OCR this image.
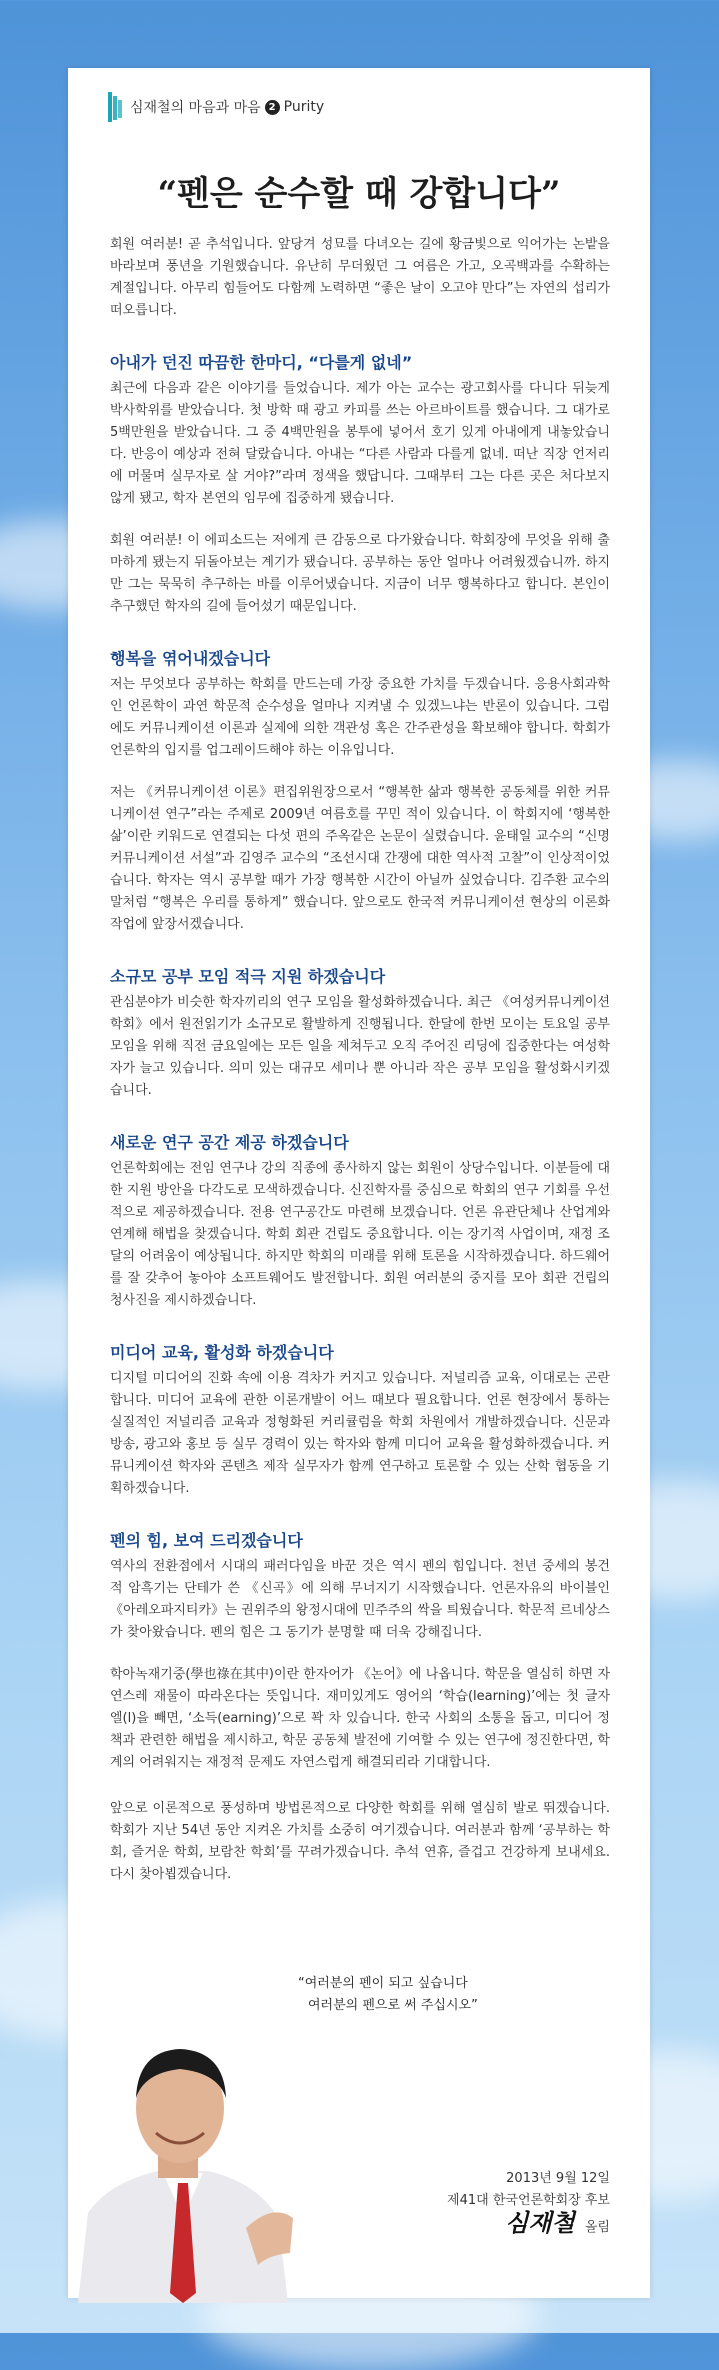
심재철의 마음과 마음 2 Purity
“펜은 순수할 때 강합니다”

회원 여러분! 곧 추석입니다. 앞당겨 성묘를 다녀오는 길에 황금빛으로 익어가는 논밭을 바라보며 풍년을 기원했습니다. 유난히 무더웠던 그 여름은 가고, 오곡백과를 수확하는 계절입니다. 아무리 힘들어도 다함께 노력하면 “좋은 날이 오고야 만다”는 자연의 섭리가 떠오릅니다.

아내가 던진 따끔한 한마디, “다를게 없네”

최근에 다음과 같은 이야기를 들었습니다. 제가 아는 교수는 광고회사를 다니다 뒤늦게 박사학위를 받았습니다. 첫 방학 때 광고 카피를 쓰는 아르바이트를 했습니다. 그 대가로 5백만원을 받았습니다. 그 중 4백만원을 봉투에 넣어서 호기 있게 아내에게 내놓았습니다. 반응이 예상과 전혀 달랐습니다. 아내는 “다른 사람과 다를게 없네. 떠난 직장 언저리에 머물며 실무자로 살 거야?”라며 정색을 했답니다. 그때부터 그는 다른 곳은 처다보지 않게 됐고, 학자 본연의 임무에 집중하게 됐습니다.

회원 여러분! 이 에피소드는 저에게 큰 감동으로 다가왔습니다. 학회장에 무엇을 위해 출마하게 됐는지 뒤돌아보는 계기가 됐습니다. 공부하는 동안 얼마나 어려웠겠습니까. 하지만 그는 묵묵히 추구하는 바를 이루어냈습니다. 지금이 너무 행복하다고 합니다. 본인이 추구했던 학자의 길에 들어섰기 때문입니다.

행복을 엮어내겠습니다

저는 무엇보다 공부하는 학회를 만드는데 가장 중요한 가치를 두겠습니다. 응용사회과학인 언론학이 과연 학문적 순수성을 얼마나 지켜낼 수 있겠느냐는 반론이 있습니다. 그럼에도 커뮤니케이션 이론과 실제에 의한 객관성 혹은 간주관성을 확보해야 합니다. 학회가 언론학의 입지를 업그레이드해야 하는 이유입니다.

저는 《커뮤니케이션 이론》편집위원장으로서 “행복한 삶과 행복한 공동체를 위한 커뮤니케이션 연구”라는 주제로 2009년 여름호를 꾸민 적이 있습니다. 이 학회지에 ‘행복한 삶’이란 키워드로 연결되는 다섯 편의 주옥같은 논문이 실렸습니다. 윤태일 교수의 “신명 커뮤니케이션 서설”과 김영주 교수의 “조선시대 간쟁에 대한 역사적 고찰”이 인상적이었습니다. 학자는 역시 공부할 때가 가장 행복한 시간이 아닐까 싶었습니다. 김주환 교수의 말처럼 “행복은 우리를 통하게” 했습니다. 앞으로도 한국적 커뮤니케이션 현상의 이론화 작업에 앞장서겠습니다.

소규모 공부 모임 적극 지원 하겠습니다

관심분야가 비슷한 학자끼리의 연구 모임을 활성화하겠습니다. 최근 《여성커뮤니케이션 학회》에서 원전읽기가 소규모로 활발하게 진행됩니다. 한달에 한번 모이는 토요일 공부 모임을 위해 직전 금요일에는 모든 일을 제쳐두고 오직 주어진 리딩에 집중한다는 여성학자가 늘고 있습니다. 의미 있는 대규모 세미나 뿐 아니라 작은 공부 모임을 활성화시키겠습니다.

새로운 연구 공간 제공 하겠습니다

언론학회에는 전임 연구나 강의 직종에 종사하지 않는 회원이 상당수입니다. 이분들에 대한 지원 방안을 다각도로 모색하겠습니다. 신진학자를 중심으로 학회의 연구 기회를 우선적으로 제공하겠습니다. 전용 연구공간도 마련해 보겠습니다. 언론 유관단체나 산업계와 연계해 해법을 찾겠습니다. 학회 회관 건립도 중요합니다. 이는 장기적 사업이며, 재정 조달의 어려움이 예상됩니다. 하지만 학회의 미래를 위해 토론을 시작하겠습니다. 하드웨어를 잘 갖추어 놓아야 소프트웨어도 발전합니다. 회원 여러분의 중지를 모아 회관 건립의 청사진을 제시하겠습니다.

미디어 교육, 활성화 하겠습니다

디지털 미디어의 진화 속에 이용 격차가 커지고 있습니다. 저널리즘 교육, 이대로는 곤란합니다. 미디어 교육에 관한 이론개발이 어느 때보다 필요합니다. 언론 현장에서 통하는 실질적인 저널리즘 교육과 정형화된 커리큘럼을 학회 차원에서 개발하겠습니다. 신문과 방송, 광고와 홍보 등 실무 경력이 있는 학자와 함께 미디어 교육을 활성화하겠습니다. 커뮤니케이션 학자와 콘텐츠 제작 실무자가 함께 연구하고 토론할 수 있는 산학 협동을 기획하겠습니다.

펜의 힘, 보여 드리겠습니다

역사의 전환점에서 시대의 패러다임을 바꾼 것은 역시 펜의 힘입니다. 천년 중세의 봉건적 암흑기는 단테가 쓴 《신곡》에 의해 무너지기 시작했습니다. 언론자유의 바이블인 《아레오파지티카》는 권위주의 왕정시대에 민주주의 싹을 틔웠습니다. 학문적 르네상스가 찾아왔습니다. 펜의 힘은 그 동기가 분명할 때 더욱 강해집니다.

학아녹재기중(學也祿在其中)이란 한자어가 《논어》에 나옵니다. 학문을 열심히 하면 자연스레 재물이 따라온다는 뜻입니다. 재미있게도 영어의 ‘학습(learning)’에는 첫 글자 엘(l)을 빼면, ‘소득(earning)’으로 꽉 차 있습니다. 한국 사회의 소통을 돕고, 미디어 정책과 관련한 해법을 제시하고, 학문 공동체 발전에 기여할 수 있는 연구에 정진한다면, 학계의 어려워지는 재정적 문제도 자연스럽게 해결되리라 기대합니다.

앞으로 이론적으로 풍성하며 방법론적으로 다양한 학회를 위해 열심히 발로 뛰겠습니다. 학회가 지난 54년 동안 지켜온 가치를 소중히 여기겠습니다. 여러분과 함께 ‘공부하는 학회, 즐거운 학회, 보람찬 학회’를 꾸려가겠습니다. 추석 연휴, 즐겁고 건강하게 보내세요. 다시 찾아뵙겠습니다.

“여러분의 펜이 되고 싶습니다
여러분의 펜으로 써 주십시오”
2013년 9월 12일
제41대 한국언론학회장 후보
심재철 올림
